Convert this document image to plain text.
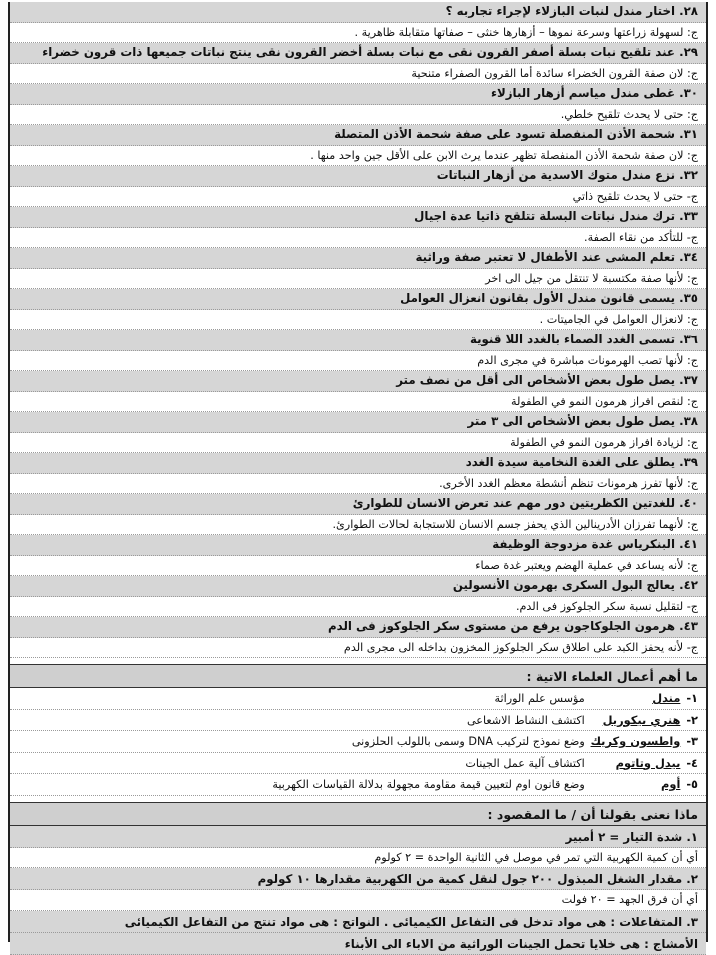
٢٨. اختار مندل لنبات البازلاء لإجراء تجاربه ؟
ج: لسهولة زراعتها وسرعة نموها – أزهارها خنثى – صفاتها متقابلة ظاهرية .
٢٩. عند تلقيح نبات بسلة أصفر القرون نقى مع نبات بسلة أخضر القرون نقى ينتج نباتات جميعها ذات قرون خضراء
ج: لان صفة القرون الخضراء سائدة أما القرون الصفراء متنحية
٣٠. غطى مندل مياسم أزهار البازلاء
ج: حتى لا يحدث تلقيح خلطي.
٣١. شحمة الأذن المنفصلة تسود على صفة شحمة الأذن المتصلة
ج: لان صفة شحمة الأذن المنفصلة تظهر عندما يرث الابن على الأقل جين واحد منها .
٣٢. نزع مندل متوك الاسدية من أزهار النباتات
ج- حتى لا يحدث تلقيح ذاتي
٣٣. ترك مندل نباتات البسلة تتلقح ذاتيا عدة اجيال
ج- للتأكد من نقاء الصفة.
٣٤. تعلم المشى عند الأطفال لا تعتبر صفة وراثية
ج: لأنها صفة مكتسبة لا تنتقل من جيل الى اخر
٣٥. يسمى قانون مندل الأول بقانون انعزال العوامل
ج: لانعزال العوامل في الجاميتات .
٣٦. تسمى الغدد الصماء بالغدد اللا قنوية
ج: لأنها تصب الهرمونات مباشرة في مجرى الدم
٣٧. يصل طول بعض الأشخاص الى أقل من نصف متر
ج: لنقص افراز هرمون النمو في الطفولة
٣٨. يصل طول بعض الأشخاص الى ٣ متر
ج: لزيادة افراز هرمون النمو في الطفولة
٣٩. يطلق على الغدة النخامية سيدة الغدد
ج: لأنها تفرز هرمونات تنظم أنشطة معظم الغدد الأخرى.
٤٠. للغدتين الكظريتين دور مهم عند تعرض الانسان للطوارئ
ج: لأنهما تفرزان الأدرينالين الذي يحفز جسم الانسان للاستجابة لحالات الطوارئ.
٤١. البنكرياس غدة مزدوجة الوظيفة
ج: لأنه يساعد في عملية الهضم ويعتبر غدة صماء
٤٢. يعالج البول السكرى بهرمون الأنسولين
ج- لتقليل نسبة سكر الجلوكوز فى الدم.
٤٣. هرمون الجلوكاجون يرفع من مستوى سكر الجلوكوز فى الدم
ج- لأنه يحفز الكبد على اطلاق سكر الجلوكوز المخزون بداخله الى مجرى الدم
ما أهم أعمال العلماء الاتية :
١- مندل مؤسس علم الوراثة
٢- هنري بيكوريل اكتشف النشاط الاشعاعى
٣- واطسون وكريك وضع نموذج لتركيب DNA وسمى باللولب الحلزونى
٤- بيدل وتاتوم اكتشاف آلية عمل الجينات
٥- أوم وضع قانون اوم لتعيين قيمة مقاومة مجهولة بدلالة القياسات الكهربية
ماذا نعنى بقولنا أن / ما المقصود :
١. شدة التيار = ٢ أمبير
أي أن كمية الكهربية التي تمر في موصل في الثانية الواحدة = ٢ كولوم
٢. مقدار الشغل المبذول ٢٠٠ جول لنقل كمية من الكهربية مقدارها ١٠ كولوم
أي أن فرق الجهد = ٢٠ فولت
٣. المتفاعلات : هى مواد تدخل فى التفاعل الكيميائى . النواتج : هى مواد تنتج من التفاعل الكيميائى
الأمشاج : هى خلايا تحمل الجينات الوراثية من الاباء الى الأبناء
